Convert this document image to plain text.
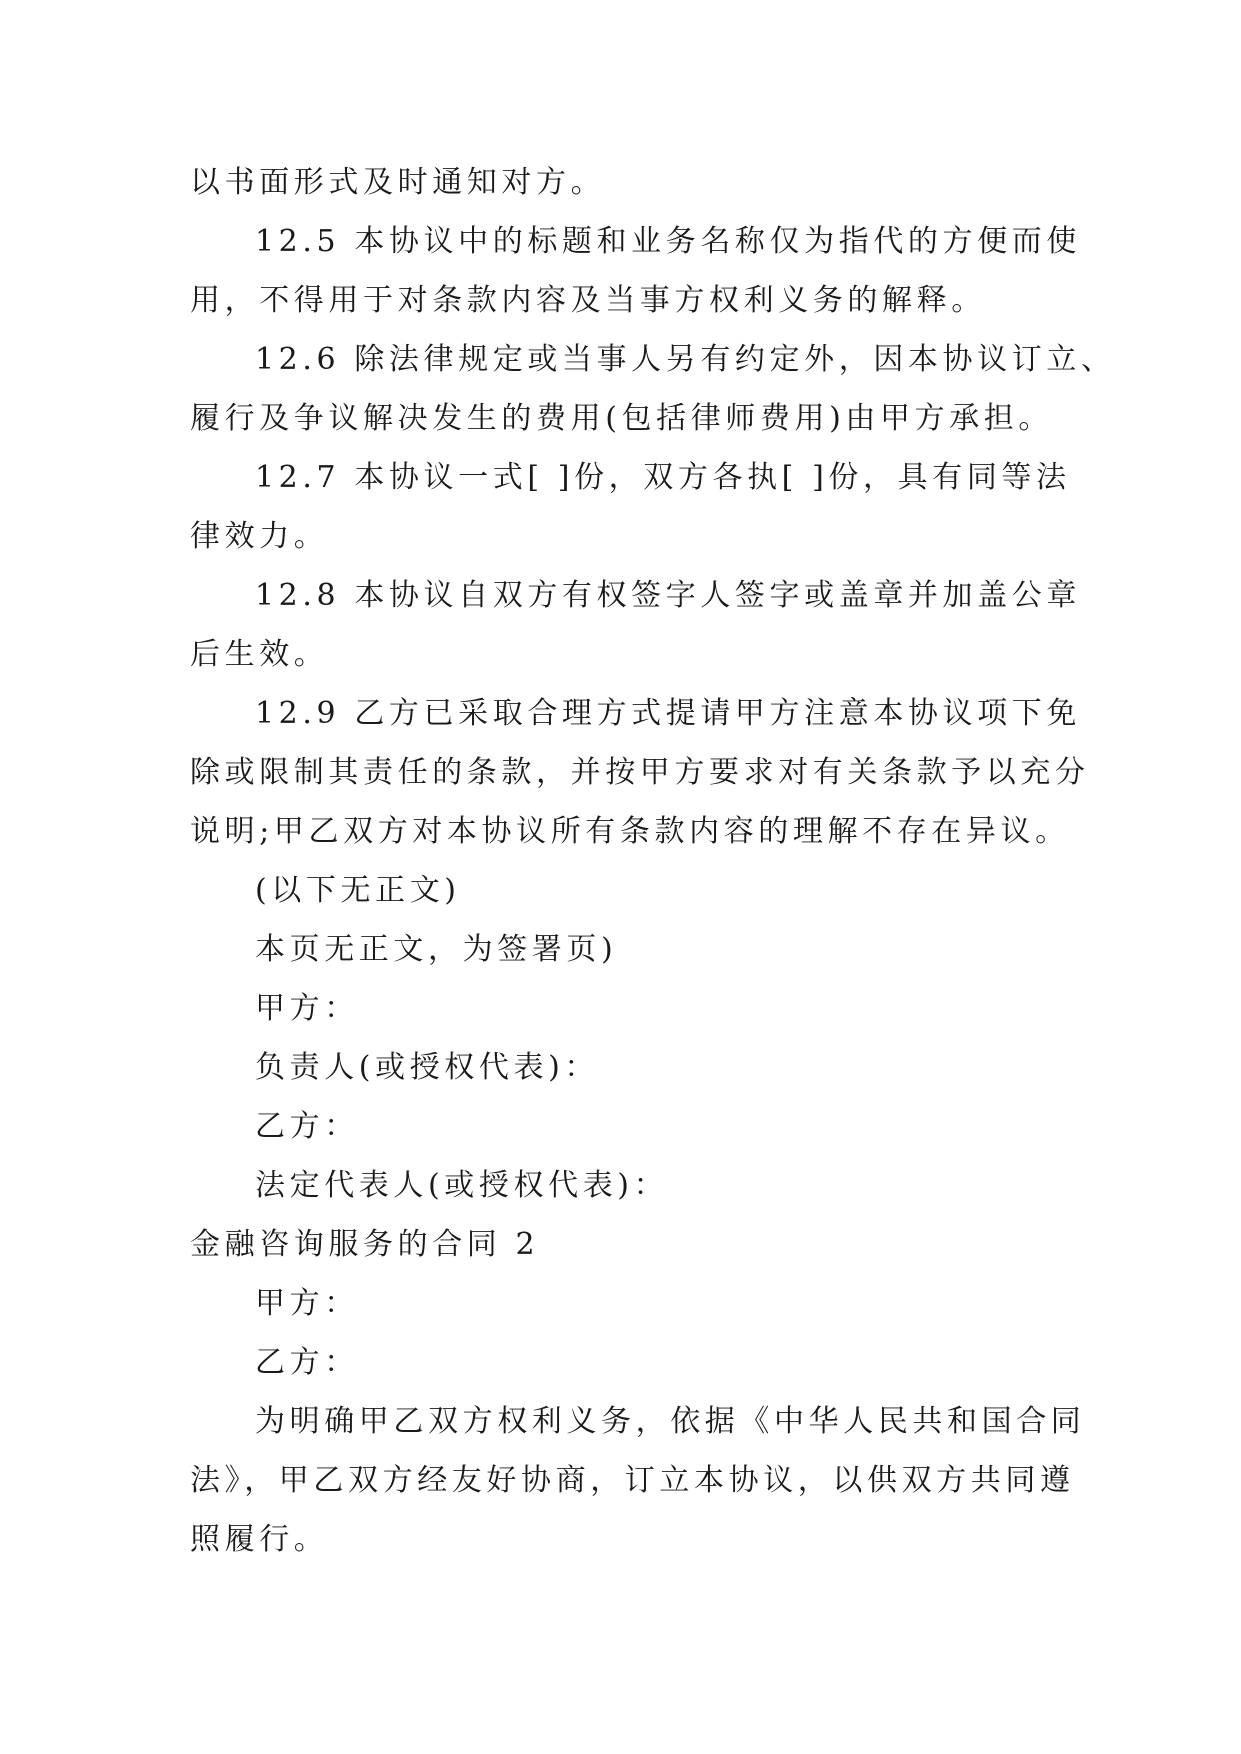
以书面形式及时通知对方。
12.5 本协议中的标题和业务名称仅为指代的方便而使
用，不得用于对条款内容及当事方权利义务的解释。
12.6 除法律规定或当事人另有约定外，因本协议订立、
履行及争议解决发生的费用(包括律师费用)由甲方承担。
12.7 本协议一式[ ]份，双方各执[ ]份，具有同等法
律效力。
12.8 本协议自双方有权签字人签字或盖章并加盖公章
后生效。
12.9 乙方已采取合理方式提请甲方注意本协议项下免
除或限制其责任的条款，并按甲方要求对有关条款予以充分
说明;甲乙双方对本协议所有条款内容的理解不存在异议。
(以下无正文)
本页无正文，为签署页)
甲方：
负责人(或授权代表)：
乙方：
法定代表人(或授权代表)：
金融咨询服务的合同 2
甲方：
乙方：
为明确甲乙双方权利义务，依据《中华人民共和国合同
法》，甲乙双方经友好协商，订立本协议，以供双方共同遵
照履行。
